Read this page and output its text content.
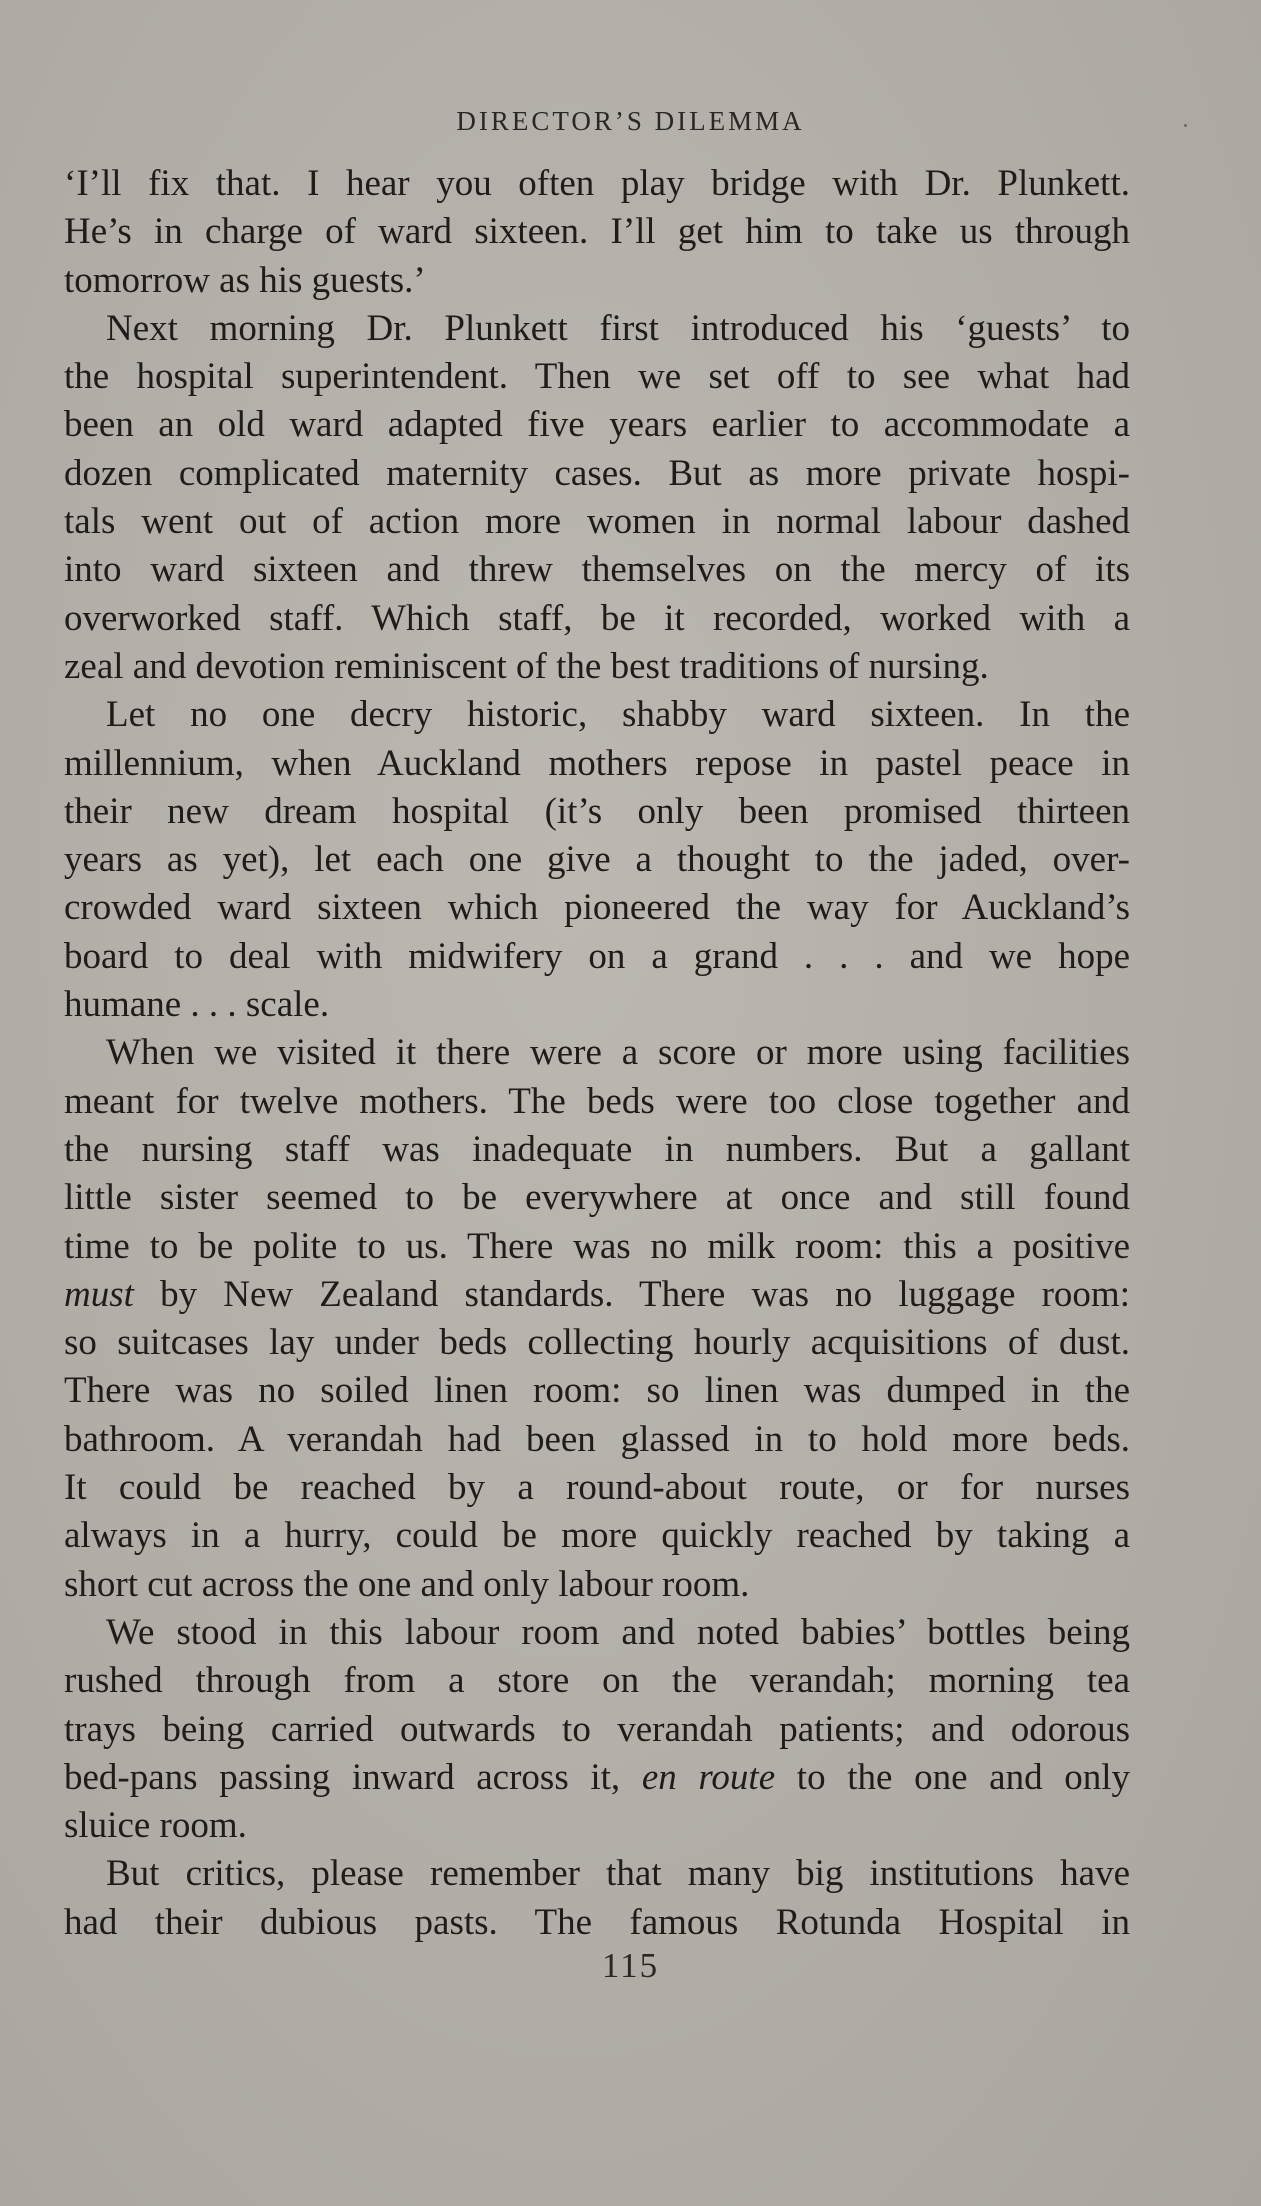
DIRECTOR’S DILEMMA
‘I’ll fix that. I hear you often play bridge with Dr. Plunkett.
He’s in charge of ward sixteen. I’ll get him to take us through
tomorrow as his guests.’
Next morning Dr. Plunkett first introduced his ‘guests’ to
the hospital superintendent. Then we set off to see what had
been an old ward adapted five years earlier to accommodate a
dozen complicated maternity cases. But as more private hospi-
tals went out of action more women in normal labour dashed
into ward sixteen and threw themselves on the mercy of its
overworked staff. Which staff, be it recorded, worked with a
zeal and devotion reminiscent of the best traditions of nursing.
Let no one decry historic, shabby ward sixteen. In the
millennium, when Auckland mothers repose in pastel peace in
their new dream hospital (it’s only been promised thirteen
years as yet), let each one give a thought to the jaded, over-
crowded ward sixteen which pioneered the way for Auckland’s
board to deal with midwifery on a grand . . . and we hope
humane . . . scale.
When we visited it there were a score or more using facilities
meant for twelve mothers. The beds were too close together and
the nursing staff was inadequate in numbers. But a gallant
little sister seemed to be everywhere at once and still found
time to be polite to us. There was no milk room: this a positive
must by New Zealand standards. There was no luggage room:
so suitcases lay under beds collecting hourly acquisitions of dust.
There was no soiled linen room: so linen was dumped in the
bathroom. A verandah had been glassed in to hold more beds.
It could be reached by a round-about route, or for nurses
always in a hurry, could be more quickly reached by taking a
short cut across the one and only labour room.
We stood in this labour room and noted babies’ bottles being
rushed through from a store on the verandah; morning tea
trays being carried outwards to verandah patients; and odorous
bed-pans passing inward across it, en route to the one and only
sluice room.
But critics, please remember that many big institutions have
had their dubious pasts. The famous Rotunda Hospital in
115
